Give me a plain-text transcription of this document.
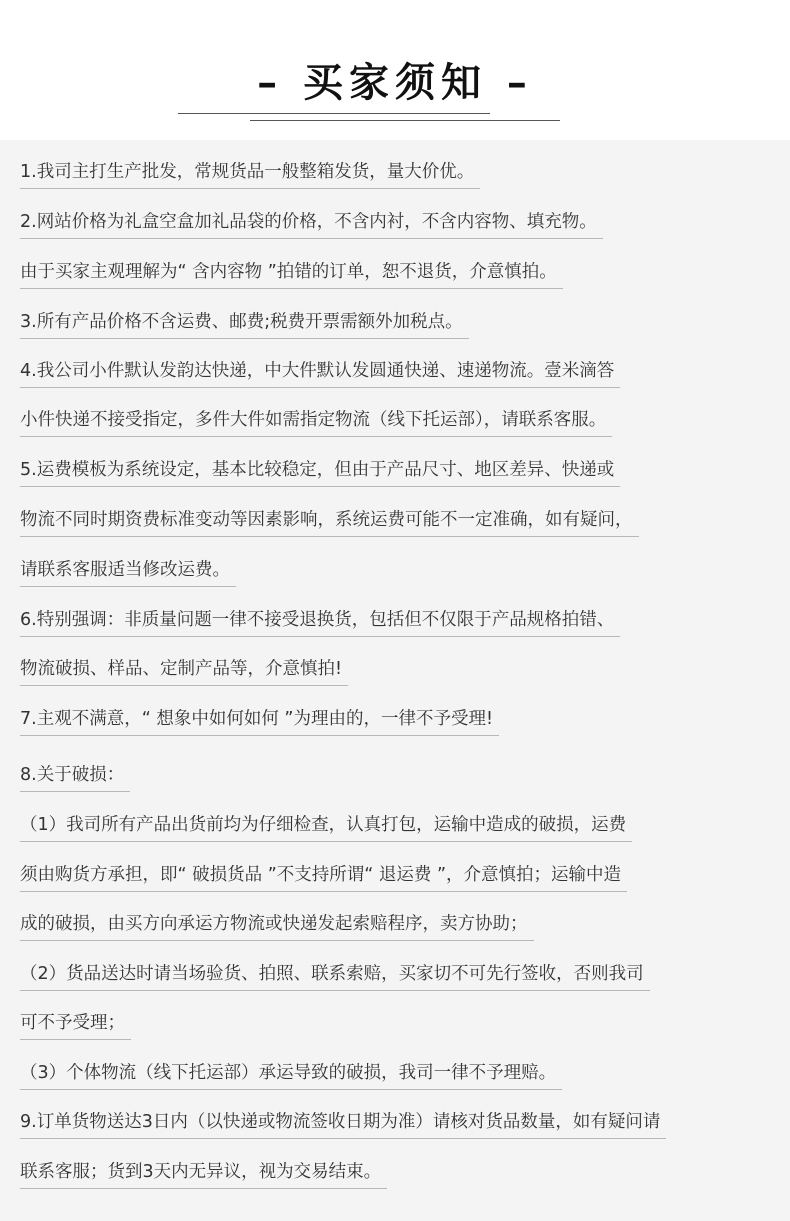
– 买家须知 –
1.我司主打生产批发，常规货品一般整箱发货，量大价优。
2.网站价格为礼盒空盒加礼品袋的价格，不含内衬，不含内容物、填充物。
由于买家主观理解为“ 含内容物 ”拍错的订单，恕不退货，介意慎拍。
3.所有产品价格不含运费、邮费;税费开票需额外加税点。
4.我公司小件默认发韵达快递，中大件默认发圆通快递、速递物流。壹米滴答
小件快递不接受指定，多件大件如需指定物流（线下托运部），请联系客服。
5.运费模板为系统设定，基本比较稳定，但由于产品尺寸、地区差异、快递或
物流不同时期资费标准变动等因素影响，系统运费可能不一定准确，如有疑问，
请联系客服适当修改运费。
6.特别强调：非质量问题一律不接受退换货，包括但不仅限于产品规格拍错、
物流破损、样品、定制产品等，介意慎拍!
7.主观不满意，“ 想象中如何如何 ”为理由的，一律不予受理!
8.关于破损：
（1）我司所有产品出货前均为仔细检查，认真打包，运输中造成的破损，运费
须由购货方承担，即“ 破损货品 ”不支持所谓“ 退运费 ”，介意慎拍；运输中造
成的破损，由买方向承运方物流或快递发起索赔程序，卖方协助；
（2）货品送达时请当场验货、拍照、联系索赔，买家切不可先行签收，否则我司
可不予受理；
（3）个体物流（线下托运部）承运导致的破损，我司一律不予理赔。
9.订单货物送达3日内（以快递或物流签收日期为准）请核对货品数量，如有疑问请
联系客服；货到3天内无异议，视为交易结束。
